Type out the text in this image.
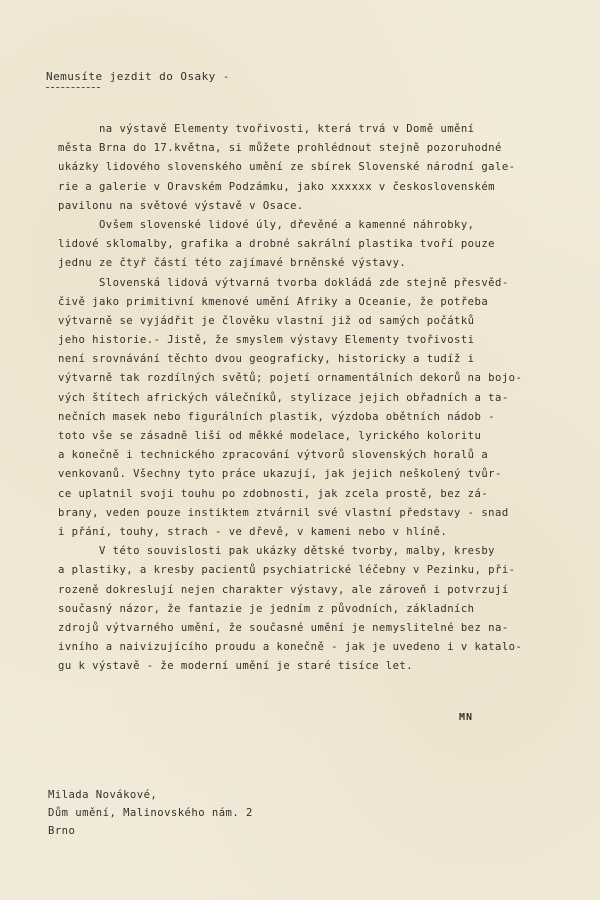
Nemusíte jezdit do Osaky -
na výstavě Elementy tvořivosti, která trvá v Domě umění
města Brna do 17.května, si můžete prohlédnout stejně pozoruhodné
ukázky lidového slovenského umění ze sbírek Slovenské národní gale-
rie a galerie v Oravském Podzámku, jako xxxxxx v československém
pavilonu na světové výstavě v Osace.
Ovšem slovenské lidové úly, dřevěné a kamenné náhrobky,
lidové sklomalby, grafika a drobné sakrální plastika tvoří pouze
jednu ze čtyř částí této zajímavé brněnské výstavy.
Slovenská lidová výtvarná tvorba dokládá zde stejně přesvěd-
čivě jako primitivní kmenové umění Afriky a Oceanie, že potřeba
výtvarně se vyjádřit je člověku vlastní již od samých počátků
jeho historie.- Jistě, že smyslem výstavy Elementy tvořivosti
není srovnávání těchto dvou geograficky, historicky a tudíž i
výtvarně tak rozdílných světů; pojetí ornamentálních dekorů na bojo-
vých štítech afrických válečníků, stylizace jejich obřadních a ta-
nečních masek nebo figurálních plastik, výzdoba obětních nádob -
toto vše se zásadně liší od měkké modelace, lyrického koloritu
a konečně i technického zpracování výtvorů slovenských horalů a
venkovanů. Všechny tyto práce ukazují, jak jejich neškolený tvůr-
ce uplatnil svoji touhu po zdobnosti, jak zcela prostě, bez zá-
brany, veden pouze instiktem ztvárnil své vlastní představy - snad
i přání, touhy, strach - ve dřevě, v kameni nebo v hlíně.
V této souvislosti pak ukázky dětské tvorby, malby, kresby
a plastiky, a kresby pacientů psychiatrické léčebny v Pezinku, při-
rozeně dokreslují nejen charakter výstavy, ale zároveň i potvrzují
současný názor, že fantazie je jedním z původních, základních
zdrojů výtvarného umění, že současné umění je nemyslitelné bez na-
ivního a naivizujícího proudu a konečně - jak je uvedeno i v katalo-
gu k výstavě - že moderní umění je staré tisíce let.
MN
Milada Novákové,
Dům umění, Malinovského nám. 2
Brno
